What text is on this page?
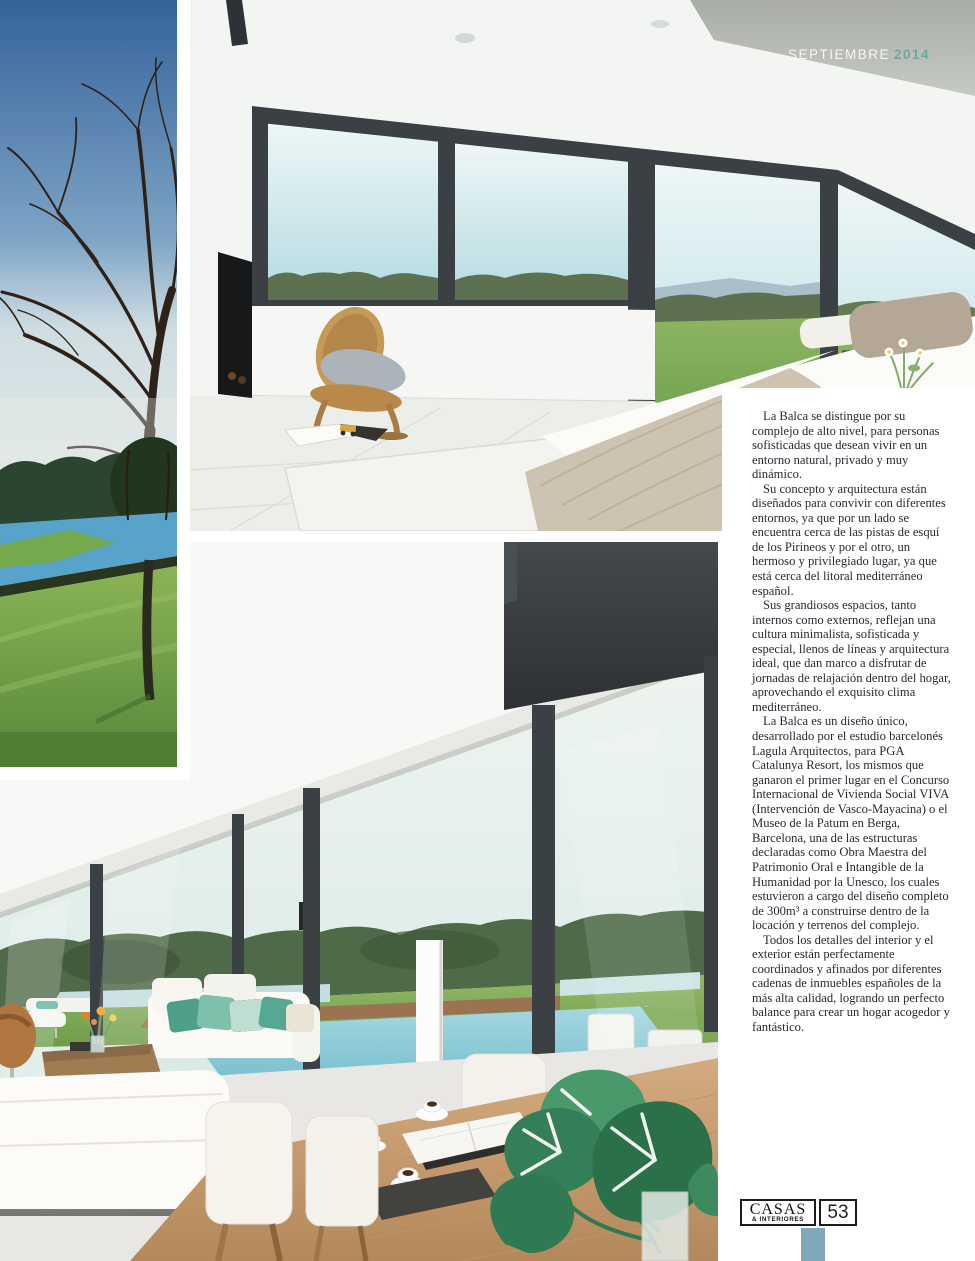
SEPTIEMBRE 2014

La Balca se distingue por su complejo de alto nivel, para personas sofisticadas que desean vivir en un entorno natural, privado y muy dinámico.

Su concepto y arquitectura están diseñados para convivir con diferentes entornos, ya que por un lado se encuentra cerca de las pistas de esquí de los Pirineos y por el otro, un hermoso y privilegiado lugar, ya que está cerca del litoral mediterráneo español.

Sus grandiosos espacios, tanto internos como externos, reflejan una cultura minimalista, sofisticada y especial, llenos de líneas y arquitectura ideal, que dan marco a disfrutar de jornadas de relajación dentro del hogar, aprovechando el exquisito clima mediterráneo.

La Balca es un diseño único, desarrollado por el estudio barcelonés Lagula Arquitectos, para PGA Catalunya Resort, los mismos que ganaron el primer lugar en el Concurso Internacional de Vivienda Social VIVA (Intervención de Vasco-Mayacina) o el Museo de la Patum en Berga, Barcelona, una de las estructuras declaradas como Obra Maestra del Patrimonio Oral e Intangible de la Humanidad por la Unesco, los cuales estuvieron a cargo del diseño completo de 300m³ a construirse dentro de la locación y terrenos del complejo.

Todos los detalles del interior y el exterior están perfectamente coordinados y afinados por diferentes cadenas de inmuebles españoles de la más alta calidad, logrando un perfecto balance para crear un hogar acogedor y fantástico.

CASAS
& INTERIORES	53
